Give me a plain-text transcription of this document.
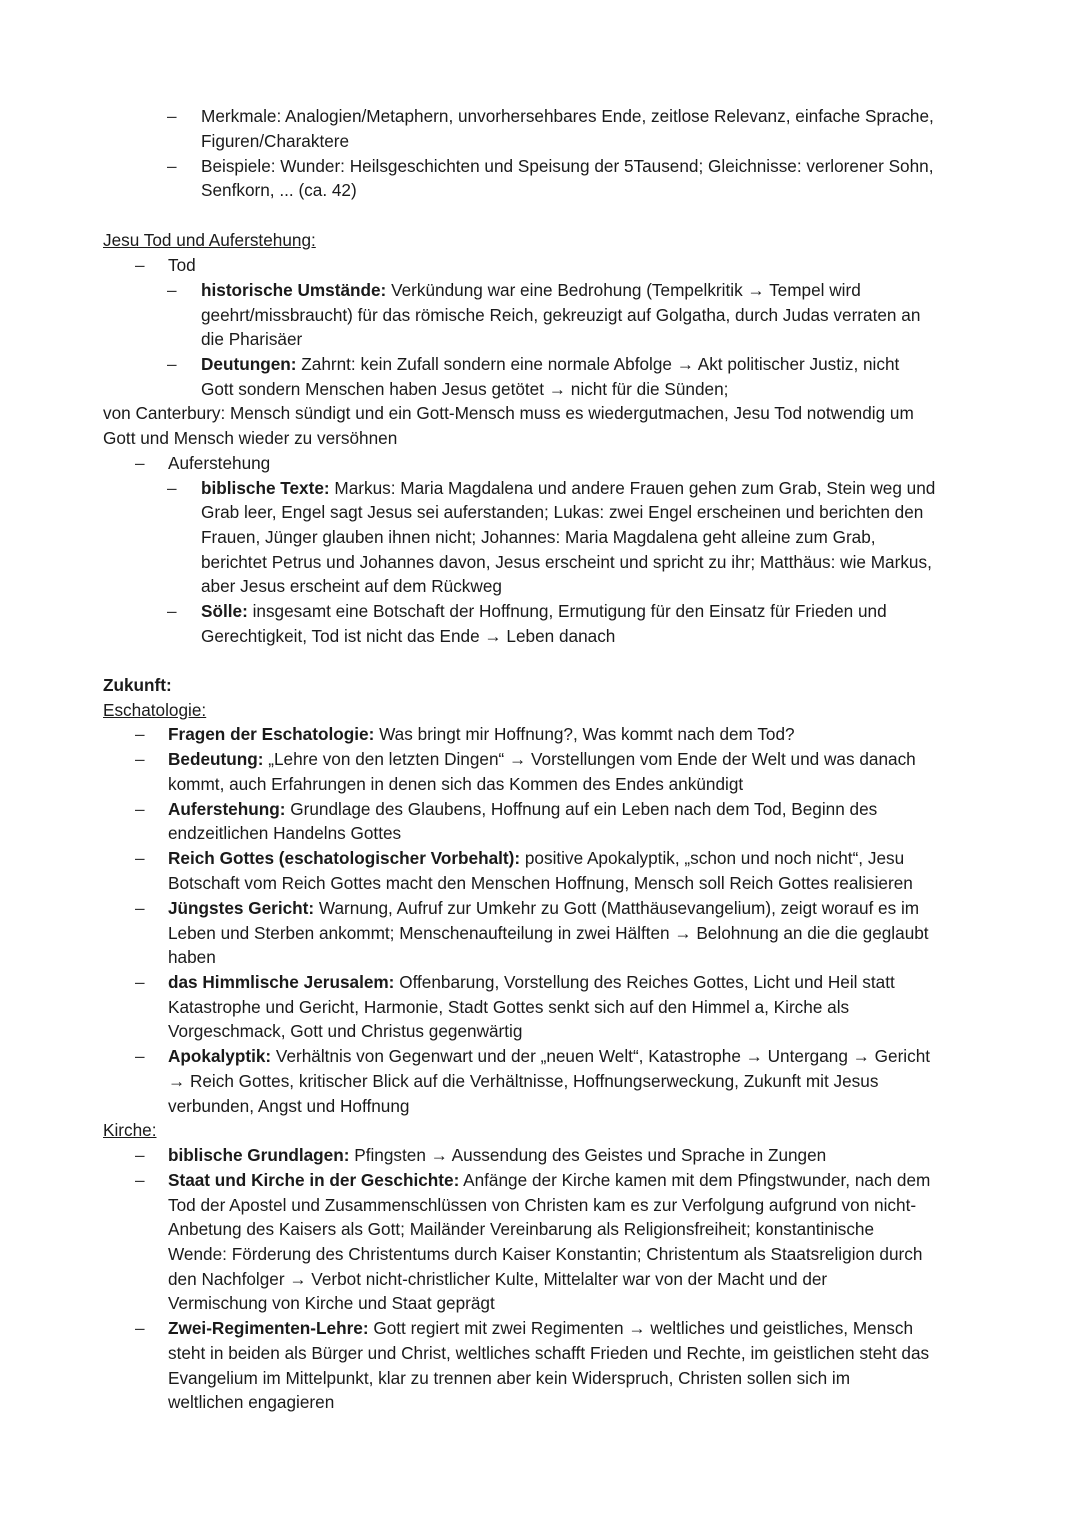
– Merkmale: Analogien/Metaphern, unvorhersehbares Ende, zeitlose Relevanz, einfache Sprache,
Figuren/Charaktere
– Beispiele: Wunder: Heilsgeschichten und Speisung der 5Tausend; Gleichnisse: verlorener Sohn,
Senfkorn, ... (ca. 42)
Jesu Tod und Auferstehung:
– Tod
– historische Umstände: Verkündung war eine Bedrohung (Tempelkritik → Tempel wird
geehrt/missbraucht) für das römische Reich, gekreuzigt auf Golgatha, durch Judas verraten an
die Pharisäer
– Deutungen: Zahrnt: kein Zufall sondern eine normale Abfolge → Akt politischer Justiz, nicht
Gott sondern Menschen haben Jesus getötet → nicht für die Sünden;
von Canterbury: Mensch sündigt und ein Gott-Mensch muss es wiedergutmachen, Jesu Tod notwendig um
Gott und Mensch wieder zu versöhnen
– Auferstehung
– biblische Texte: Markus: Maria Magdalena und andere Frauen gehen zum Grab, Stein weg und
Grab leer, Engel sagt Jesus sei auferstanden; Lukas: zwei Engel erscheinen und berichten den
Frauen, Jünger glauben ihnen nicht; Johannes: Maria Magdalena geht alleine zum Grab,
berichtet Petrus und Johannes davon, Jesus erscheint und spricht zu ihr; Matthäus: wie Markus,
aber Jesus erscheint auf dem Rückweg
– Sölle: insgesamt eine Botschaft der Hoffnung, Ermutigung für den Einsatz für Frieden und
Gerechtigkeit, Tod ist nicht das Ende → Leben danach
Zukunft:
Eschatologie:
– Fragen der Eschatologie: Was bringt mir Hoffnung?, Was kommt nach dem Tod?
– Bedeutung: „Lehre von den letzten Dingen“ → Vorstellungen vom Ende der Welt und was danach
kommt, auch Erfahrungen in denen sich das Kommen des Endes ankündigt
– Auferstehung: Grundlage des Glaubens, Hoffnung auf ein Leben nach dem Tod, Beginn des
endzeitlichen Handelns Gottes
– Reich Gottes (eschatologischer Vorbehalt): positive Apokalyptik, „schon und noch nicht“, Jesu
Botschaft vom Reich Gottes macht den Menschen Hoffnung, Mensch soll Reich Gottes realisieren
– Jüngstes Gericht: Warnung, Aufruf zur Umkehr zu Gott (Matthäusevangelium), zeigt worauf es im
Leben und Sterben ankommt; Menschenaufteilung in zwei Hälften → Belohnung an die die geglaubt
haben
– das Himmlische Jerusalem: Offenbarung, Vorstellung des Reiches Gottes, Licht und Heil statt
Katastrophe und Gericht, Harmonie, Stadt Gottes senkt sich auf den Himmel a, Kirche als
Vorgeschmack, Gott und Christus gegenwärtig
– Apokalyptik: Verhältnis von Gegenwart und der „neuen Welt“, Katastrophe → Untergang → Gericht
→ Reich Gottes, kritischer Blick auf die Verhältnisse, Hoffnungserweckung, Zukunft mit Jesus
verbunden, Angst und Hoffnung
Kirche:
– biblische Grundlagen: Pfingsten → Aussendung des Geistes und Sprache in Zungen
– Staat und Kirche in der Geschichte: Anfänge der Kirche kamen mit dem Pfingstwunder, nach dem
Tod der Apostel und Zusammenschlüssen von Christen kam es zur Verfolgung aufgrund von nicht-
Anbetung des Kaisers als Gott; Mailänder Vereinbarung als Religionsfreiheit; konstantinische
Wende: Förderung des Christentums durch Kaiser Konstantin; Christentum als Staatsreligion durch
den Nachfolger → Verbot nicht-christlicher Kulte, Mittelalter war von der Macht und der
Vermischung von Kirche und Staat geprägt
– Zwei-Regimenten-Lehre: Gott regiert mit zwei Regimenten → weltliches und geistliches, Mensch
steht in beiden als Bürger und Christ, weltliches schafft Frieden und Rechte, im geistlichen steht das
Evangelium im Mittelpunkt, klar zu trennen aber kein Widerspruch, Christen sollen sich im
weltlichen engagieren
